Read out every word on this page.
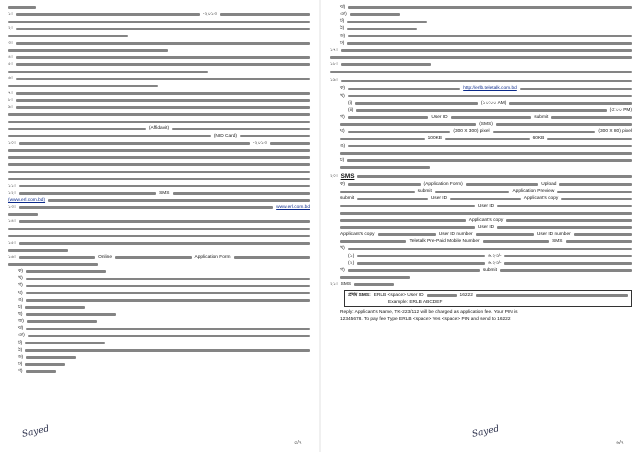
১।	-২০১৩
২।
৩।
৪।
৫।
৬।
৭।
৮।
৯।
(Affidavit)
(NID Card)
১০।	-২০১৩
১১।
১২।	SMS
(www.erl.com.bd)
১৩।	www.erl.com.bd
১৪।
১৫।
১৬।	Online	Application Form
ক)
খ)
গ)
ঘ)
ঙ)
চ)
ছ)
জ)
ঝ)
ঞ)
ট)
ঠ)
ড)
ঢ)
ণ)
Sayed
৫/৭
ঝ)
ঞ)
ট)
ঠ)
ড)
ঢ)
১৭।
১৮।
১৯।
ক)	http://erlb.teletalk.com.bd
খ)
(i)	(১০:০০ AM)
(ii)	(৫:০০ PM)
গ)	User ID	submit
(SMS)
ঘ)	(300 X 300) pixel	(300 X 80) pixel
100KB	60KB
ঙ)
চ)
২০। SMS
ক)	(Application Form)	Upload
submit	Application Preview
submit	User ID	Applicant's copy
User ID
Applicant's copy
User ID
Applicant's copy	User ID number	User ID number
Teletalk Pre-Paid Mobile Number	SMS
খ)
(১)	৬.২৩/-
(২)	৬.২৩/-
গ)	submit
২১। SMS
প্রথম SMS: ERLB <space> User ID	16222
Example: ERLB ABCDEF
Reply: Applicant's Name, TK-223/112 will be charged as application fee. Your PIN is
12345678. To pay fee Type ERLB <space> Yes <space> PIN and send to 16222
Sayed
৬/৭
